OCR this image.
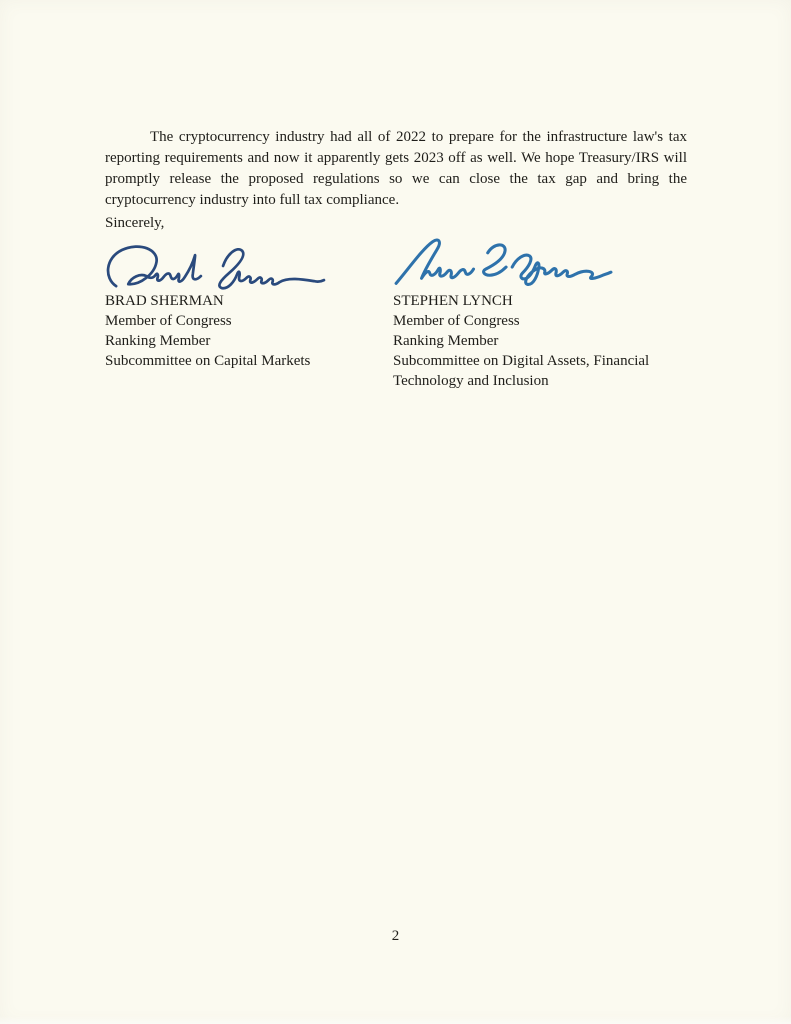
The cryptocurrency industry had all of 2022 to prepare for the infrastructure law's tax reporting requirements and now it apparently gets 2023 off as well. We hope Treasury/IRS will promptly release the proposed regulations so we can close the tax gap and bring the cryptocurrency industry into full tax compliance.

Sincerely,
BRAD SHERMAN
Member of Congress
Ranking Member
Subcommittee on Capital Markets
STEPHEN LYNCH
Member of Congress
Ranking Member
Subcommittee on Digital Assets, Financial
Technology and Inclusion
2
